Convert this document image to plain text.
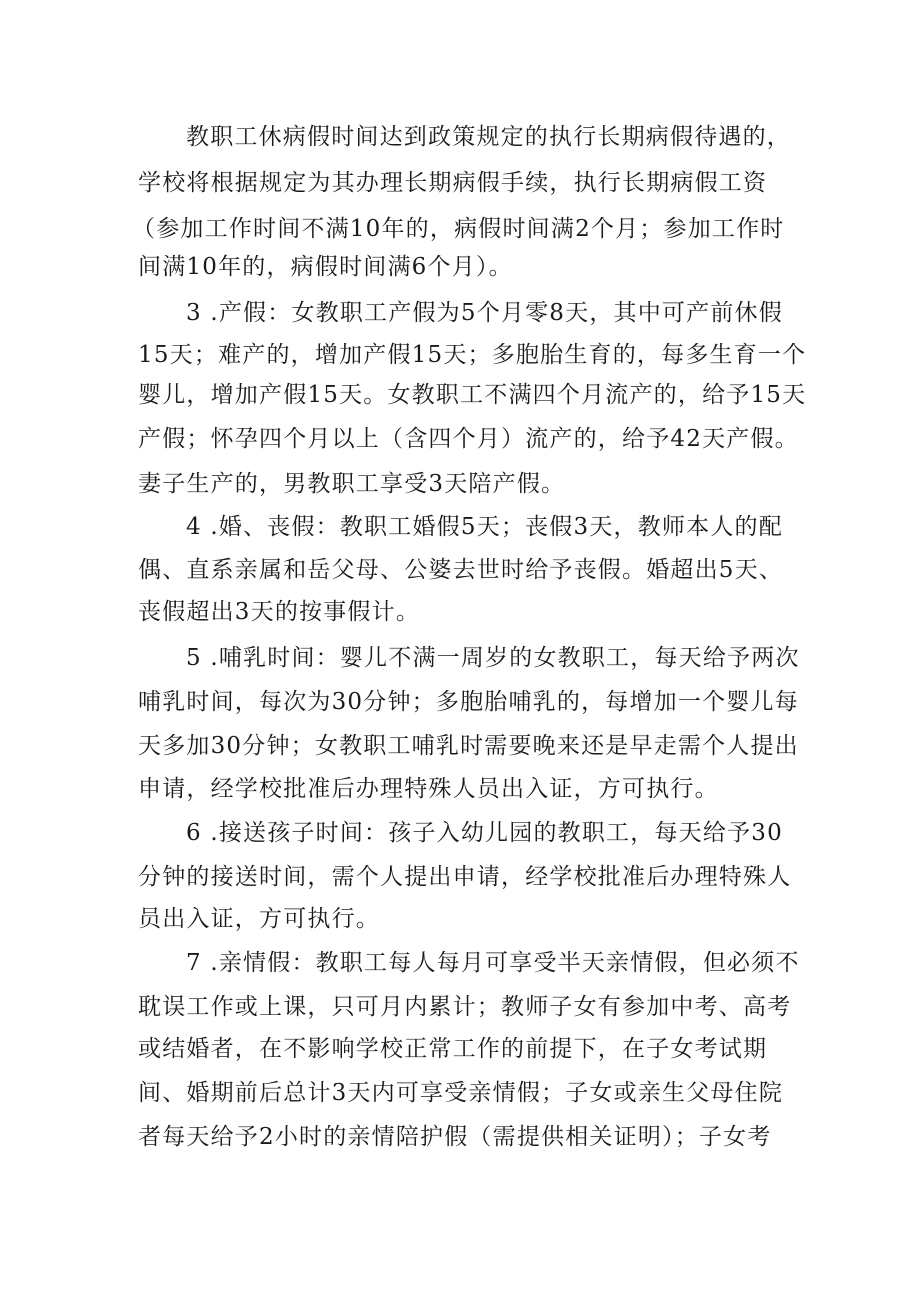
教职工休病假时间达到政策规定的执行长期病假待遇的，
学校将根据规定为其办理长期病假手续，执行长期病假工资
（参加工作时间不满10年的，病假时间满2个月；参加工作时
间满10年的，病假时间满6个月）。
3 .产假：女教职工产假为5个月零8天，其中可产前休假
15天；难产的，增加产假15天；多胞胎生育的，每多生育一个
婴儿，增加产假15天。女教职工不满四个月流产的，给予15天
产假；怀孕四个月以上（含四个月）流产的，给予42天产假。
妻子生产的，男教职工享受3天陪产假。
4 .婚、丧假：教职工婚假5天；丧假3天，教师本人的配
偶、直系亲属和岳父母、公婆去世时给予丧假。婚超出5天、
丧假超出3天的按事假计。
5 .哺乳时间：婴儿不满一周岁的女教职工，每天给予两次
哺乳时间，每次为30分钟；多胞胎哺乳的，每增加一个婴儿每
天多加30分钟；女教职工哺乳时需要晚来还是早走需个人提出
申请，经学校批准后办理特殊人员出入证，方可执行。
6 .接送孩子时间：孩子入幼儿园的教职工，每天给予30
分钟的接送时间，需个人提出申请，经学校批准后办理特殊人
员出入证，方可执行。
7 .亲情假：教职工每人每月可享受半天亲情假，但必须不
耽误工作或上课，只可月内累计；教师子女有参加中考、高考
或结婚者，在不影响学校正常工作的前提下，在子女考试期
间、婚期前后总计3天内可享受亲情假；子女或亲生父母住院
者每天给予2小时的亲情陪护假（需提供相关证明）；子女考
